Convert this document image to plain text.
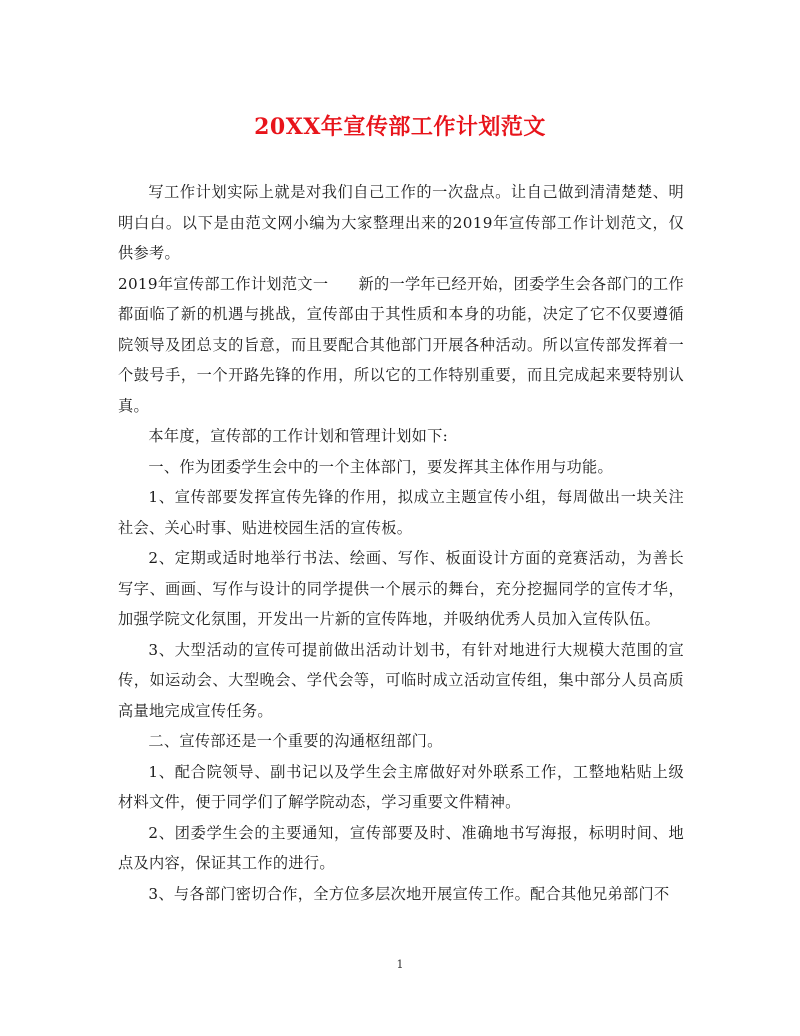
20XX年宣传部工作计划范文

写工作计划实际上就是对我们自己工作的一次盘点。让自己做到清清楚楚、明明白白。以下是由范文网小编为大家整理出来的2019年宣传部工作计划范文，仅供参考。

2019年宣传部工作计划范文一 新的一学年已经开始，团委学生会各部门的工作都面临了新的机遇与挑战，宣传部由于其性质和本身的功能，决定了它不仅要遵循院领导及团总支的旨意，而且要配合其他部门开展各种活动。所以宣传部发挥着一个鼓号手，一个开路先锋的作用，所以它的工作特别重要，而且完成起来要特别认真。

本年度，宣传部的工作计划和管理计划如下:

一、作为团委学生会中的一个主体部门，要发挥其主体作用与功能。

1、宣传部要发挥宣传先锋的作用，拟成立主题宣传小组，每周做出一块关注社会、关心时事、贴进校园生活的宣传板。

2、定期或适时地举行书法、绘画、写作、板面设计方面的竞赛活动，为善长写字、画画、写作与设计的同学提供一个展示的舞台，充分挖掘同学的宣传才华，加强学院文化氛围，开发出一片新的宣传阵地，并吸纳优秀人员加入宣传队伍。

3、大型活动的宣传可提前做出活动计划书，有针对地进行大规模大范围的宣传，如运动会、大型晚会、学代会等，可临时成立活动宣传组，集中部分人员高质高量地完成宣传任务。

二、宣传部还是一个重要的沟通枢纽部门。

1、配合院领导、副书记以及学生会主席做好对外联系工作，工整地粘贴上级材料文件，便于同学们了解学院动态，学习重要文件精神。

2、团委学生会的主要通知，宣传部要及时、准确地书写海报，标明时间、地点及内容，保证其工作的进行。

3、与各部门密切合作，全方位多层次地开展宣传工作。配合其他兄弟部门不

1
